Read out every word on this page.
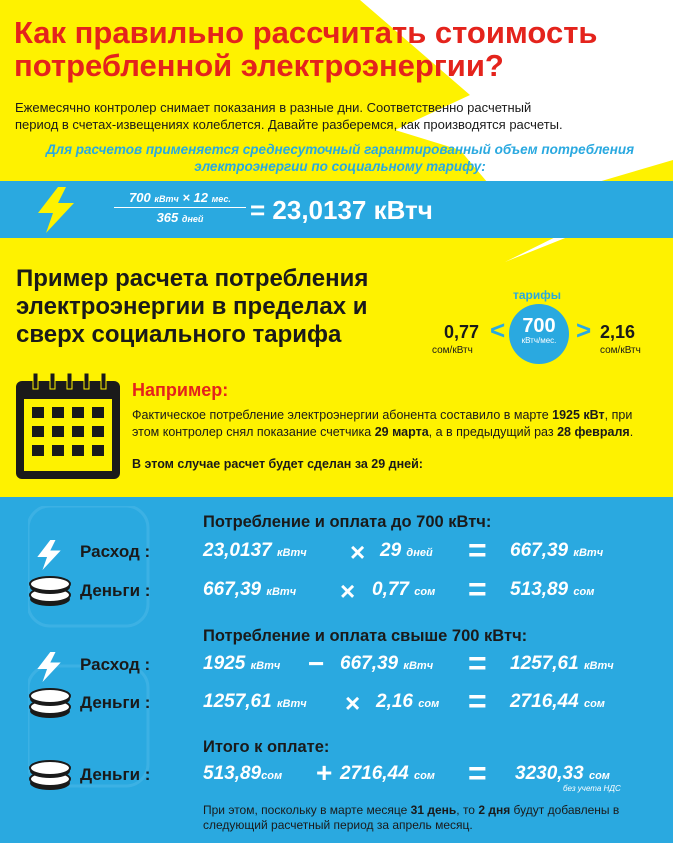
Как правильно рассчитать стоимость потребленной электроэнергии?
Ежемесячно контролер снимает показания в разные дни. Соответственно расчетный период в счетах-извещениях колеблется. Давайте разберемся, как производятся расчеты.
Для расчетов применяется среднесуточный гарантированный объем потребления электроэнергии по социальному тарифу:
700 кВтч × 12 мес.
365 дней	= 23,0137 кВтч
Пример расчета потребления электроэнергии в пределах и сверх социального тарифа
тарифы
< 700
кВтч/мес. >
0,77
сом/кВтч
2,16
сом/кВтч
Например:
Фактическое потребление электроэнергии абонента составило в марте 1925 кВт, при этом контролер снял показание счетчика 29 марта, а в предыдущий раз 28 февраля.
В этом случае расчет будет сделан за 29 дней:
Потребление и оплата до 700 кВтч:
Расход :	23,0137 кВтч × 29 дней = 667,39 кВтч
Деньги :	667,39 кВтч × 0,77 сом = 513,89 сом
Потребление и оплата свыше 700 кВтч:
Расход :	1925 кВтч − 667,39 кВтч = 1257,61 кВтч
Деньги :	1257,61 кВтч × 2,16 сом = 2716,44 сом
Итого к оплате:
Деньги :	513,89сом + 2716,44 сом = 3230,33 сом
без учета НДС
При этом, поскольку в марте месяце 31 день, то 2 дня будут добавлены в следующий расчетный период за апрель месяц.
